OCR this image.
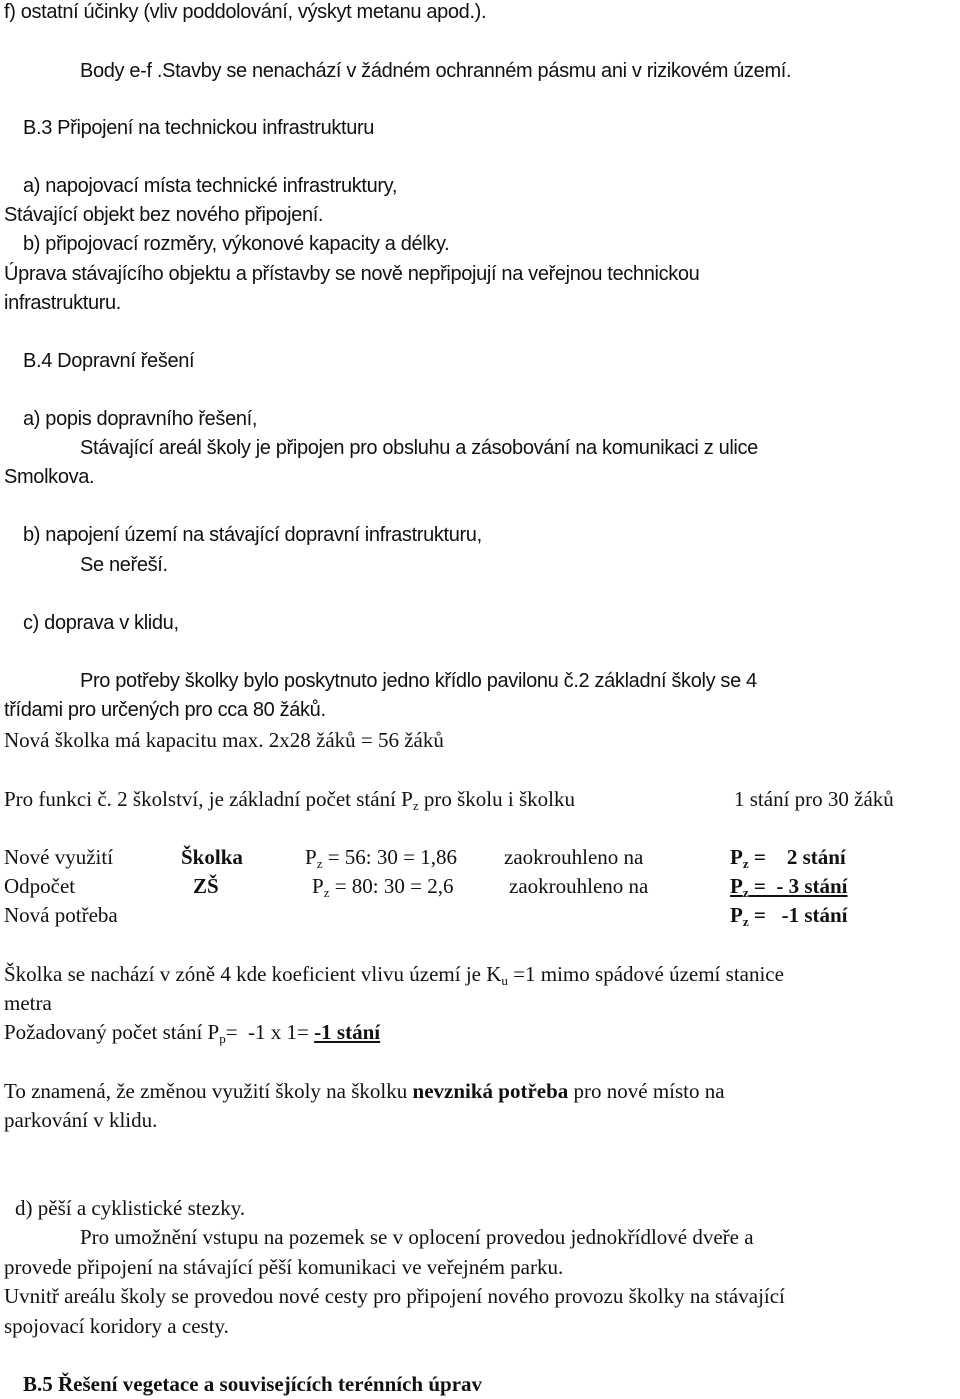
f) ostatní účinky (vliv poddolování, výskyt metanu apod.).
Body e-f .Stavby se nenachází v žádném ochranném pásmu ani v rizikovém území.
B.3 Připojení na technickou infrastrukturu
a) napojovací místa technické infrastruktury,
Stávající objekt bez nového připojení.
b) připojovací rozměry, výkonové kapacity a délky.
Úprava stávajícího objektu a přístavby se nově nepřipojují na veřejnou technickou
infrastrukturu.
B.4 Dopravní řešení
a) popis dopravního řešení,
Stávající areál školy je připojen pro obsluhu a zásobování na komunikaci z ulice
Smolkova.
b) napojení území na stávající dopravní infrastrukturu,
Se neřeší.
c) doprava v klidu,
Pro potřeby školky bylo poskytnuto jedno křídlo pavilonu č.2 základní školy se 4
třídami pro určených pro cca 80 žáků.
Nová školka má kapacitu max. 2x28 žáků = 56 žáků
Pro funkci č. 2 školství, je základní počet stání $P_z$ pro školu i školku	1 stání pro 30 žáků
Nové využití	Školka	$P_z = 56$: 30 = 1,86 zaokrouhleno na	$P_z$ =    2 stání
Odpočet	ZŠ	$P_z = 80$: 30 = 2,6	zaokrouhleno na	$P_z$ =  - 3 stání
Nová potřeba	$P_z = -1$ stání
Školka se nachází v zóně 4 kde koeficient vlivu území je $K_u =1$ mimo spádové území stanice
metra
Požadovaný počet stání $P_p= -1$ x 1= -1 stání
To znamená, že změnou využití školy na školku nevzniká potřeba pro nové místo na
parkování v klidu.
d) pěší a cyklistické stezky.
Pro umožnění vstupu na pozemek se v oplocení provedou jednokřídlové dveře a
provede připojení na stávající pěší komunikaci ve veřejném parku.
Uvnitř areálu školy se provedou nové cesty pro připojení nového provozu školky na stávající
spojovací koridory a cesty.
B.5 Řešení vegetace a souvisejících terénních úprav
